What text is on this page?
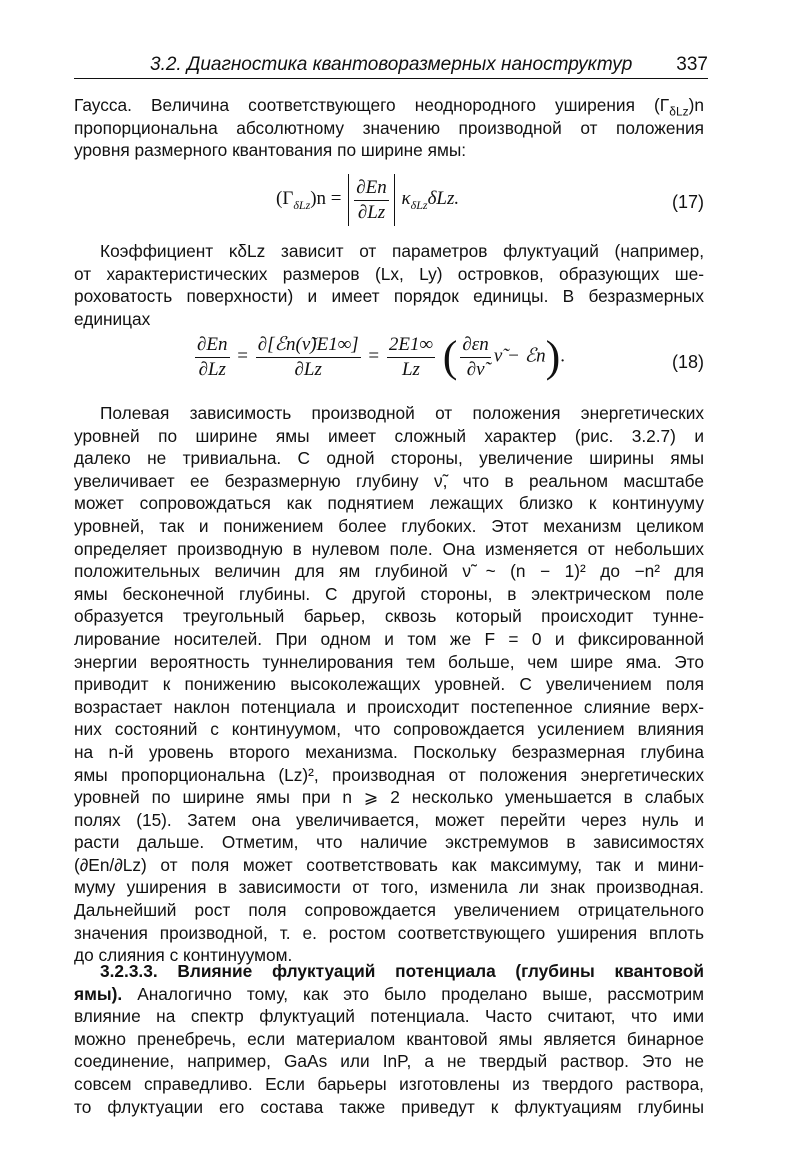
3.2. Диагностика квантоворазмерных наноструктур 337
Гаусса. Величина соответствующего неоднородного уширения $(\Gamma_{\delta Lz})n$
пропорциональна абсолютному значению производной от положения
уровня размерного квантования по ширине ямы:
$(\Gamma_{\delta Lz})n = \frac{\partial En}{\partial Lz} \kappa_{\delta Lz}\delta Lz$.	(17)
Коэффициент κδLz зависит от параметров флуктуаций (например,
от характеристических размеров (Lx, Ly) островков, образующих ше-
роховатость поверхности) и имеет порядок единицы. В безразмерных
единицах
$\frac{\partial En}{\partial Lz} = \frac{\text{∂[ℰn(ν̃)E1∞]}}{\partial Lz} = \frac{2E1\infty}{Lz}$ ( $\frac{\partial\varepsilon n}{\partial\nũ}$ ν̃ − ℰn).	(18)
Полевая зависимость производной от положения энергетических
уровней по ширине ямы имеет сложный характер (рис. 3.2.7) и
далеко не тривиальна. С одной стороны, увеличение ширины ямы
увеличивает ее безразмерную глубину ν̃, что в реальном масштабе
может сопровождаться как поднятием лежащих близко к континууму
уровней, так и понижением более глубоких. Этот механизм целиком
определяет производную в нулевом поле. Она изменяется от небольших
положительных величин для ям глубиной ν̃ ~ (n − 1)² до −n² для
ямы бесконечной глубины. С другой стороны, в электрическом поле
образуется треугольный барьер, сквозь который происходит тунне-
лирование носителей. При одном и том же F = 0 и фиксированной
энергии вероятность туннелирования тем больше, чем шире яма. Это
приводит к понижению высоколежащих уровней. С увеличением поля
возрастает наклон потенциала и происходит постепенное слияние верх-
них состояний с континуумом, что сопровождается усилением влияния
на n-й уровень второго механизма. Поскольку безразмерная глубина
ямы пропорциональна (Lz)², производная от положения энергетических
уровней по ширине ямы при n ⩾ 2 несколько уменьшается в слабых
полях (15). Затем она увеличивается, может перейти через нуль и
расти дальше. Отметим, что наличие экстремумов в зависимостях
(∂En/∂Lz) от поля может соответствовать как максимуму, так и мини-
муму уширения в зависимости от того, изменила ли знак производная.
Дальнейший рост поля сопровождается увеличением отрицательного
значения производной, т. е. ростом соответствующего уширения вплоть
до слияния с континуумом.
3.2.3.3. Влияние флуктуаций потенциала (глубины квантовой
ямы). Аналогично тому, как это было проделано выше, рассмотрим
влияние на спектр флуктуаций потенциала. Часто считают, что ими
можно пренебречь, если материалом квантовой ямы является бинарное
соединение, например, GaAs или InP, а не твердый раствор. Это не
совсем справедливо. Если барьеры изготовлены из твердого раствора,
то флуктуации его состава также приведут к флуктуациям глубины
